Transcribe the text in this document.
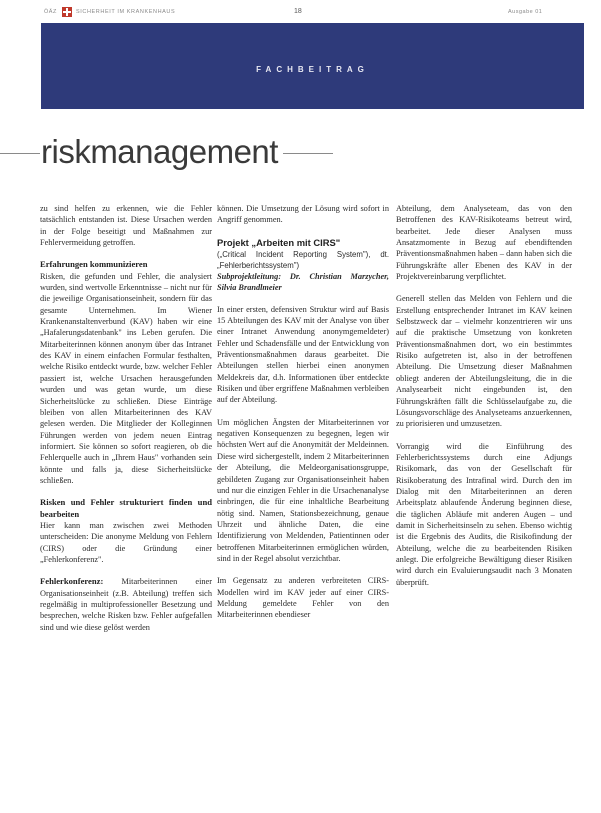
ÖÄZ	SICHERHEIT IM KRANKENHAUS	18	Ausgabe 01
FACHBEITRAG
riskmanagement

zu sind helfen zu erkennen, wie die Fehler tatsächlich entstanden ist. Diese Ursachen werden in der Folge beseitigt und Maßnahmen zur Fehlervermeidung getroffen.

Erfahrungen kommunizieren

Risken, die gefunden und Fehler, die analysiert wurden, sind wertvolle Erkenntnisse – nicht nur für die jeweilige Organisationseinheit, sondern für das gesamte Unternehmen. Im Wiener Krankenanstaltenverbund (KAV) haben wir eine „Hafalerungsdatenbank" ins Leben gerufen. Die Mitarbeiterinnen können anonym über das Intranet des KAV in einem einfachen Formular festhalten, welche Risiko entdeckt wurde, bzw. welcher Fehler passiert ist, welche Ursachen herausgefunden wurden und was getan wurde, um diese Sicherheitslücke zu schließen. Diese Einträge bleiben von allen Mitarbeiterinnen des KAV gelesen werden. Die Mitglieder der Kolleginnen Führungen werden von jedem neuen Eintrag informiert. Sie können so sofort reagieren, ob die Fehlerquelle auch in „Ihrem Haus" vorhanden sein könnte und falls ja, diese Sicherheitslücke schließen.

Risken und Fehler strukturiert finden und bearbeiten

Hier kann man zwischen zwei Methoden unterscheiden: Die anonyme Meldung von Fehlern (CIRS) oder die Gründung einer „Fehlerkonferenz".

Fehlerkonferenz: Mitarbeiterinnen einer Organisationseinheit (z.B. Abteilung) treffen sich regelmäßig in multiprofessioneller Besetzung und besprechen, welche Risken bzw. Fehler aufgefallen sind und wie diese gelöst werden

können. Die Umsetzung der Lösung wird sofort in Angriff genommen.

Projekt „Arbeiten mit CIRS"

(„Critical Incident Reporting System"), dt. „Fehlerberichtssystem")

Subprojektleitung: Dr. Christian Marzycher, Silvia Brandlmeier

In einer ersten, defensiven Struktur wird auf Basis 15 Abteilungen des KAV mit der Analyse von über einer Intranet Anwendung anonymgemeldeter) Fehler und Schadensfälle und der Entwicklung von Präventionsmaßnahmen daraus gearbeitet. Die Abteilungen stellen hierbei einen anonymen Meldekreis dar, d.h. Informationen über entdeckte Risiken und über ergriffene Maßnahmen verbleiben auf der Abteilung.

Um möglichen Ängsten der Mitarbeiterinnen vor negativen Konsequenzen zu begegnen, legen wir höchsten Wert auf die Anonymität der Meldeinnen. Diese wird sichergestellt, indem 2 Mitarbeiterinnen der Abteilung, die Meldeorganisationsgruppe, gebildeten Zugang zur Organisationseinheit haben und nur die einzigen Fehler in die Ursachenanalyse einbringen, die für eine inhaltliche Bearbeitung nötig sind. Namen, Stationsbezeichnung, genaue Uhrzeit und ähnliche Daten, die eine Identifizierung von Meldenden, Patientinnen oder betroffenen Mitarbeiterinnen ermöglichen würden, sind in der Regel absolut verzichtbar.

Im Gegensatz zu anderen verbreiteten CIRS-Modellen wird im KAV jeder auf einer CIRS-Meldung gemeldete Fehler von den Mitarbeiterinnen ebendieser

Abteilung, dem Analyseteam, das von den Betroffenen des KAV-Risikoteams betreut wird, bearbeitet. Jede dieser Analysen muss Ansatzmomente in Bezug auf ebendiftenden Präventionsmaßnahmen haben – dann haben sich die Führungskräfte aller Ebenen des KAV in der Projektvereinbarung verpflichtet.

Generell stellen das Melden von Fehlern und die Erstellung entsprechender Intranet im KAV keinen Selbstzweck dar – vielmehr konzentrieren wir uns auf die praktische Umsetzung von konkreten Präventionsmaßnahmen dort, wo ein bestimmtes Risiko aufgetreten ist, also in der betroffenen Abteilung. Die Umsetzung dieser Maßnahmen obliegt anderen der Abteilungsleitung, die in die Analysearbeit nicht eingebunden ist, den Führungskräften fällt die Schlüsselaufgabe zu, die Lösungsvorschläge des Analyseteams anzuerkennen, zu priorisieren und umzusetzen.

Vorrangig wird die Einführung des Fehlerberichtssystems durch eine Adjungs Risikomark, das von der Gesellschaft für Risikoberatung des Intrafinal wird. Durch den im Dialog mit den Mitarbeiterinnen an deren Arbeitsplatz ablaufende Änderung beginnen diese, die täglichen Abläufe mit anderen Augen – und damit in Sicherheitsinseln zu sehen. Ebenso wichtig ist die Ergebnis des Audits, die Risikofindung der Abteilung, welche die zu bearbeitenden Risiken anlegt. Die erfolgreiche Bewältigung dieser Risiken wird durch ein Evaluierungsaudit nach 3 Monaten überprüft.
